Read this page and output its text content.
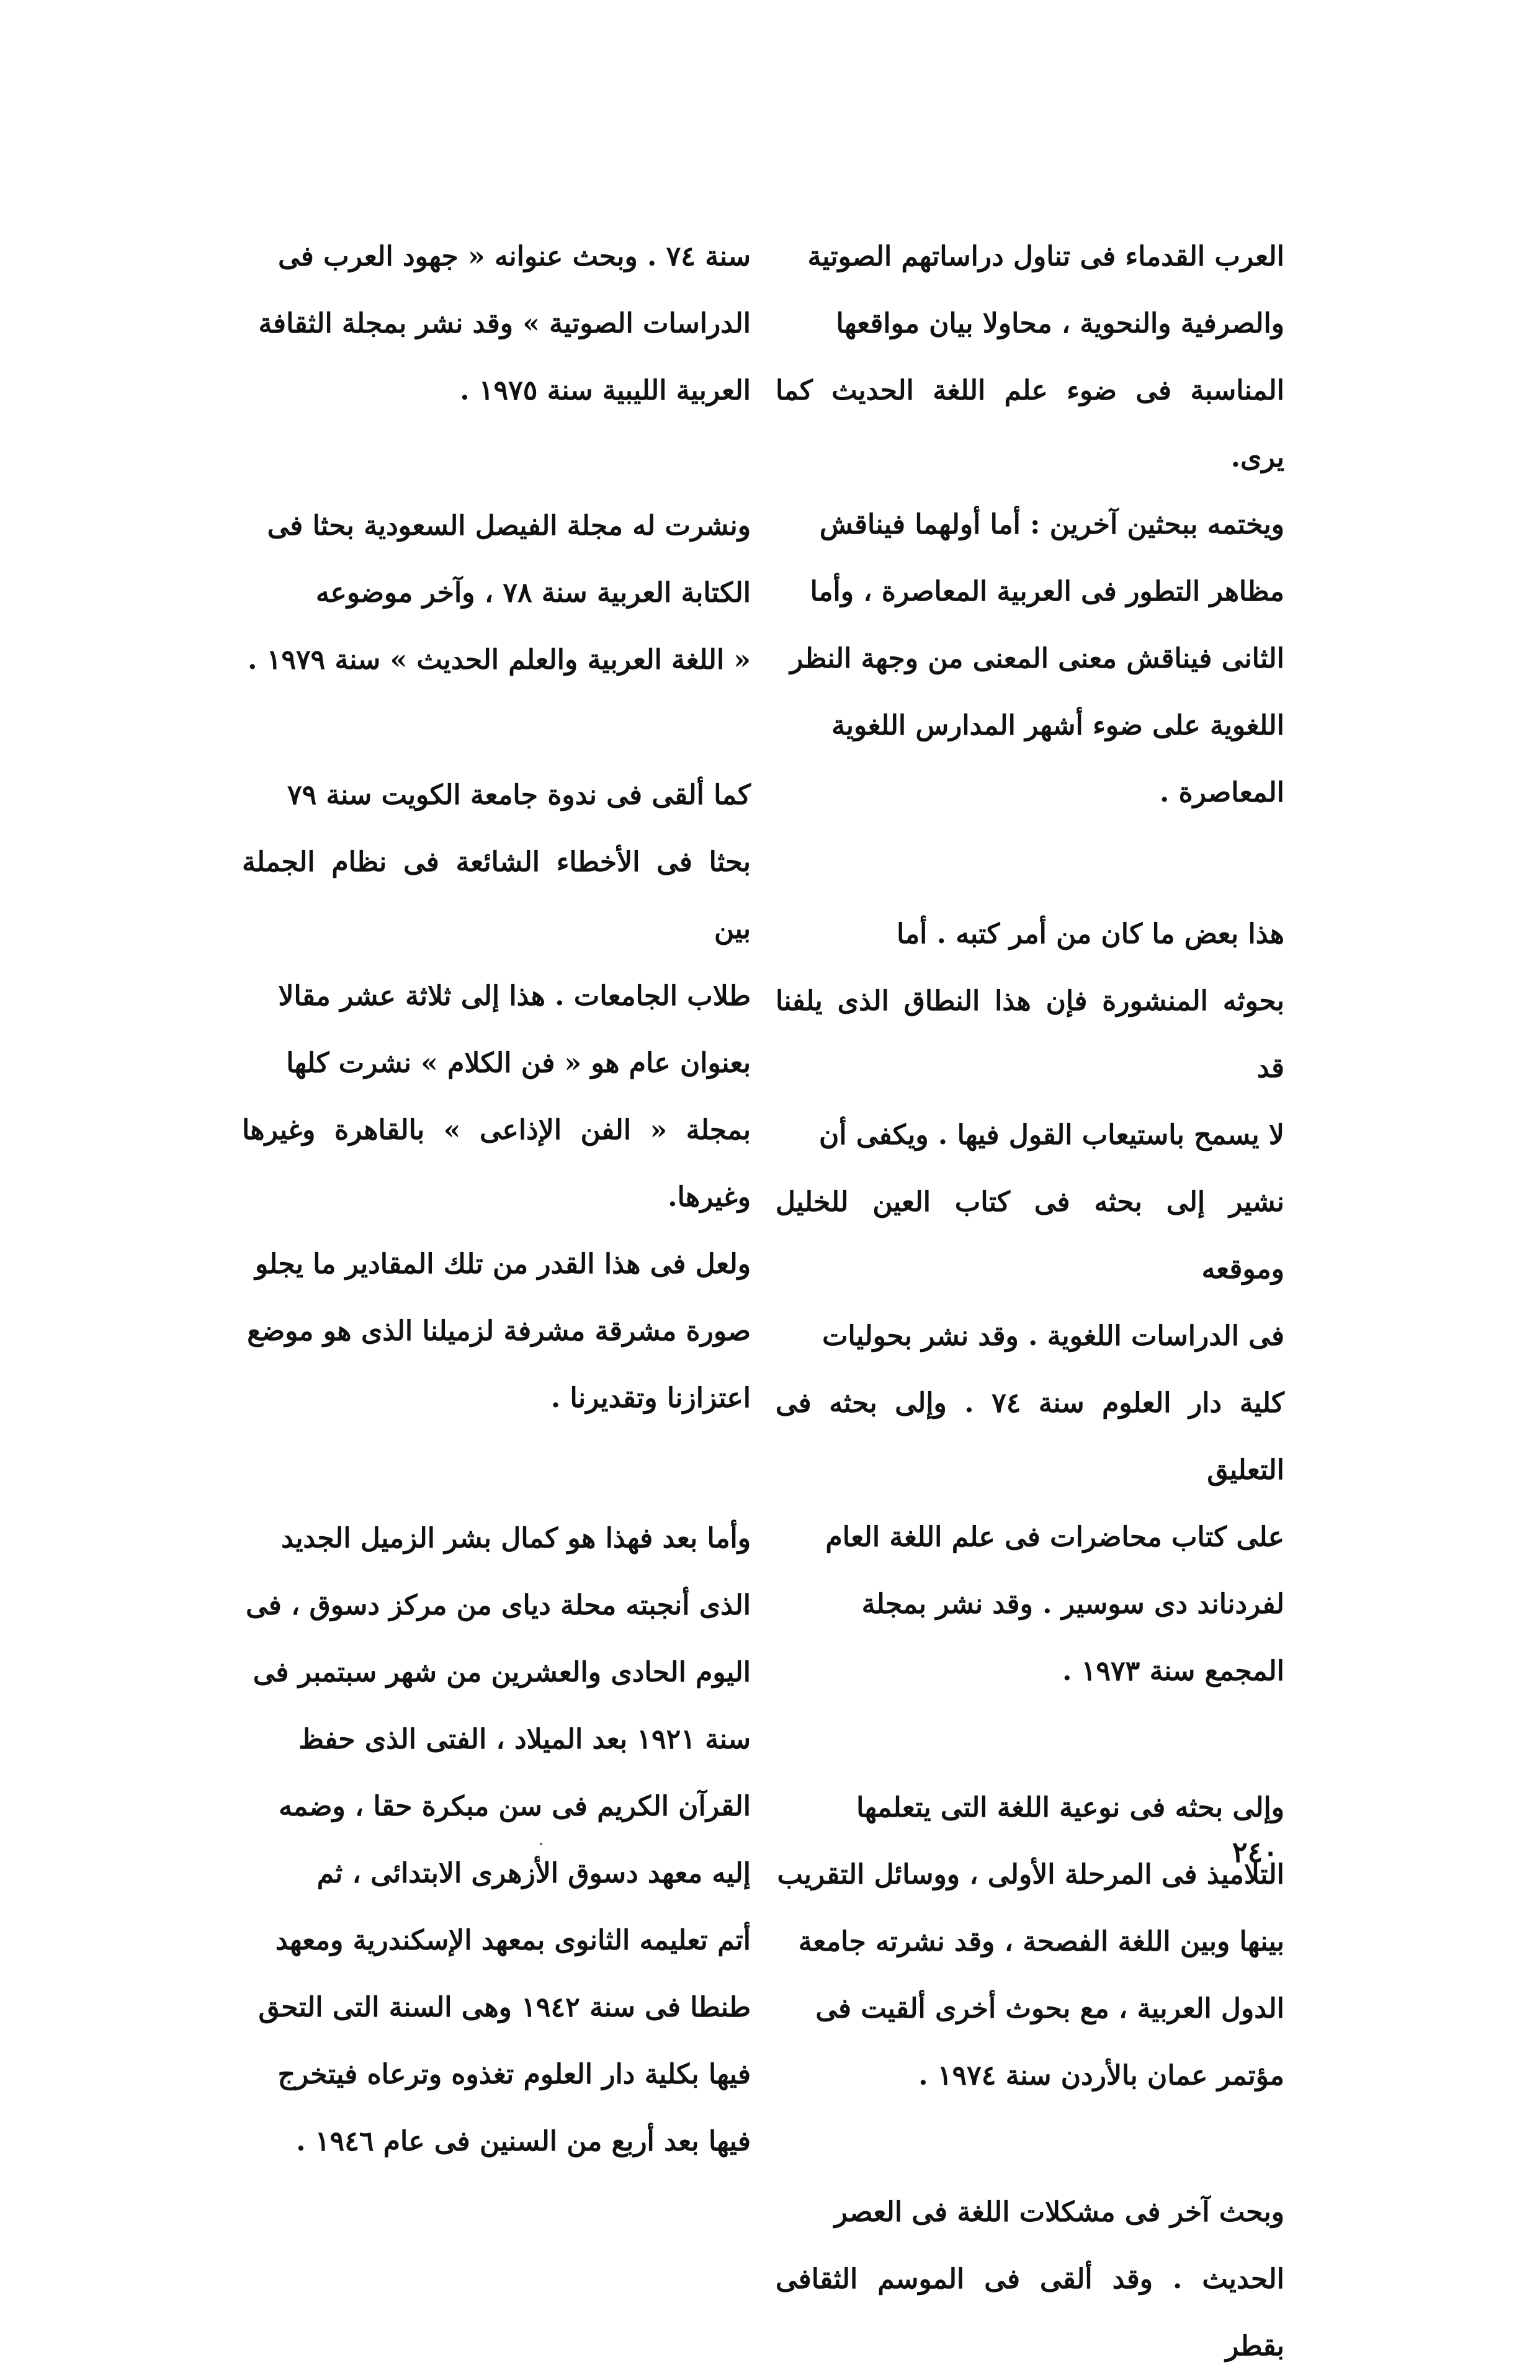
العرب القدماء فى تناول دراساتهم الصوتية
والصرفية والنحوية ، محاولا بيان مواقعها
المناسبة فى ضوء علم اللغة الحديث كما يرى.
ويختمه ببحثين آخرين : أما أولهما فيناقش
مظاهر التطور فى العربية المعاصرة ، وأما
الثانى فيناقش معنى المعنى من وجهة النظر
اللغوية على ضوء أشهر المدارس اللغوية
المعاصرة .

هذا بعض ما كان من أمر كتبه . أما
بحوثه المنشورة فإن هذا النطاق الذى يلفنا قد
لا يسمح باستيعاب القول فيها . ويكفى أن
نشير إلى بحثه فى كتاب العين للخليل وموقعه
فى الدراسات اللغوية . وقد نشر بحوليات
كلية دار العلوم سنة ٧٤ . وإلى بحثه فى التعليق
على كتاب محاضرات فى علم اللغة العام
لفردناند دى سوسير . وقد نشر بمجلة
المجمع سنة ١٩٧٣ .

وإلى بحثه فى نوعية اللغة التى يتعلمها
التلاميذ فى المرحلة الأولى ، ووسائل التقريب
بينها وبين اللغة الفصحة ، وقد نشرته جامعة
الدول العربية ، مع بحوث أخرى ألقيت فى
مؤتمر عمان بالأردن سنة ١٩٧٤ .

وبحث آخر فى مشكلات اللغة فى العصر
الحديث . وقد ألقى فى الموسم الثقافى بقطر

سنة ٧٤ . وبحث عنوانه « جهود العرب فى
الدراسات الصوتية » وقد نشر بمجلة الثقافة
العربية الليبية سنة ١٩٧٥ .

ونشرت له مجلة الفيصل السعودية بحثا فى
الكتابة العربية سنة ٧٨ ، وآخر موضوعه
« اللغة العربية والعلم الحديث » سنة ١٩٧٩ .

كما ألقى فى ندوة جامعة الكويت سنة ٧٩
بحثا فى الأخطاء الشائعة فى نظام الجملة بين
طلاب الجامعات . هذا إلى ثلاثة عشر مقالا
بعنوان عام هو « فن الكلام » نشرت كلها
بمجلة « الفن الإذاعى » بالقاهرة وغيرها وغيرها.
ولعل فى هذا القدر من تلك المقادير ما يجلو
صورة مشرقة مشرفة لزميلنا الذى هو موضع
اعتزازنا وتقديرنا .

وأما بعد فهذا هو كمال بشر الزميل الجديد
الذى أنجبته محلة دياى من مركز دسوق ، فى
اليوم الحادى والعشرين من شهر سبتمبر فى
سنة ١٩٢١ بعد الميلاد ، الفتى الذى حفظ
القرآن الكريم فى سن مبكرة حقا ، وضمه
إليه معهد دسوق الأزهرى الابتدائى ، ثم
أتم تعليمه الثانوى بمعهد الإسكندرية ومعهد
طنطا فى سنة ١٩٤٢ وهى السنة التى التحق
فيها بكلية دار العلوم تغذوه وترعاه فيتخرج
فيها بعد أربع من السنين فى عام ١٩٤٦ .

٢٤٠
